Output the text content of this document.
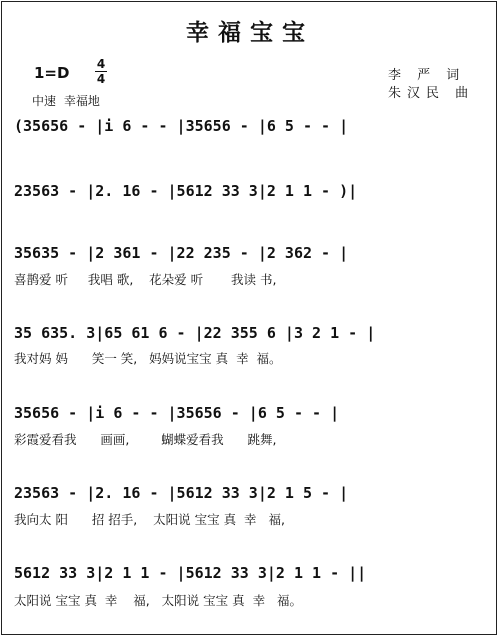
幸福宝宝
1=D 4
4
中速 幸福地
李 严 词
朱汉民 曲
(35656 - |i 6 - - |35656 - |6 5 - - |
23563 - |2. 16 - |5612 33 3|2 1 1 - )|
35635 - |2 361 - |22 235 - |2 362 - |
喜鹊爱 听     我唱 歌,    花朵爱 听       我读 书,
35 635. 3|65 61 6 - |22 355 6 |3 2 1 - |
我对妈 妈      笑一 笑,   妈妈说宝宝 真  幸  福。
35656 - |i 6 - - |35656 - |6 5 - - |
彩霞爱看我      画画,        蝴蝶爱看我      跳舞,
23563 - |2. 16 - |5612 33 3|2 1 5 - |
我向太 阳      招 招手,    太阳说 宝宝 真  幸   福,
5612 33 3|2 1 1 - |5612 33 3|2 1 1 - ||
太阳说 宝宝 真  幸    福,   太阳说 宝宝 真  幸   福。
